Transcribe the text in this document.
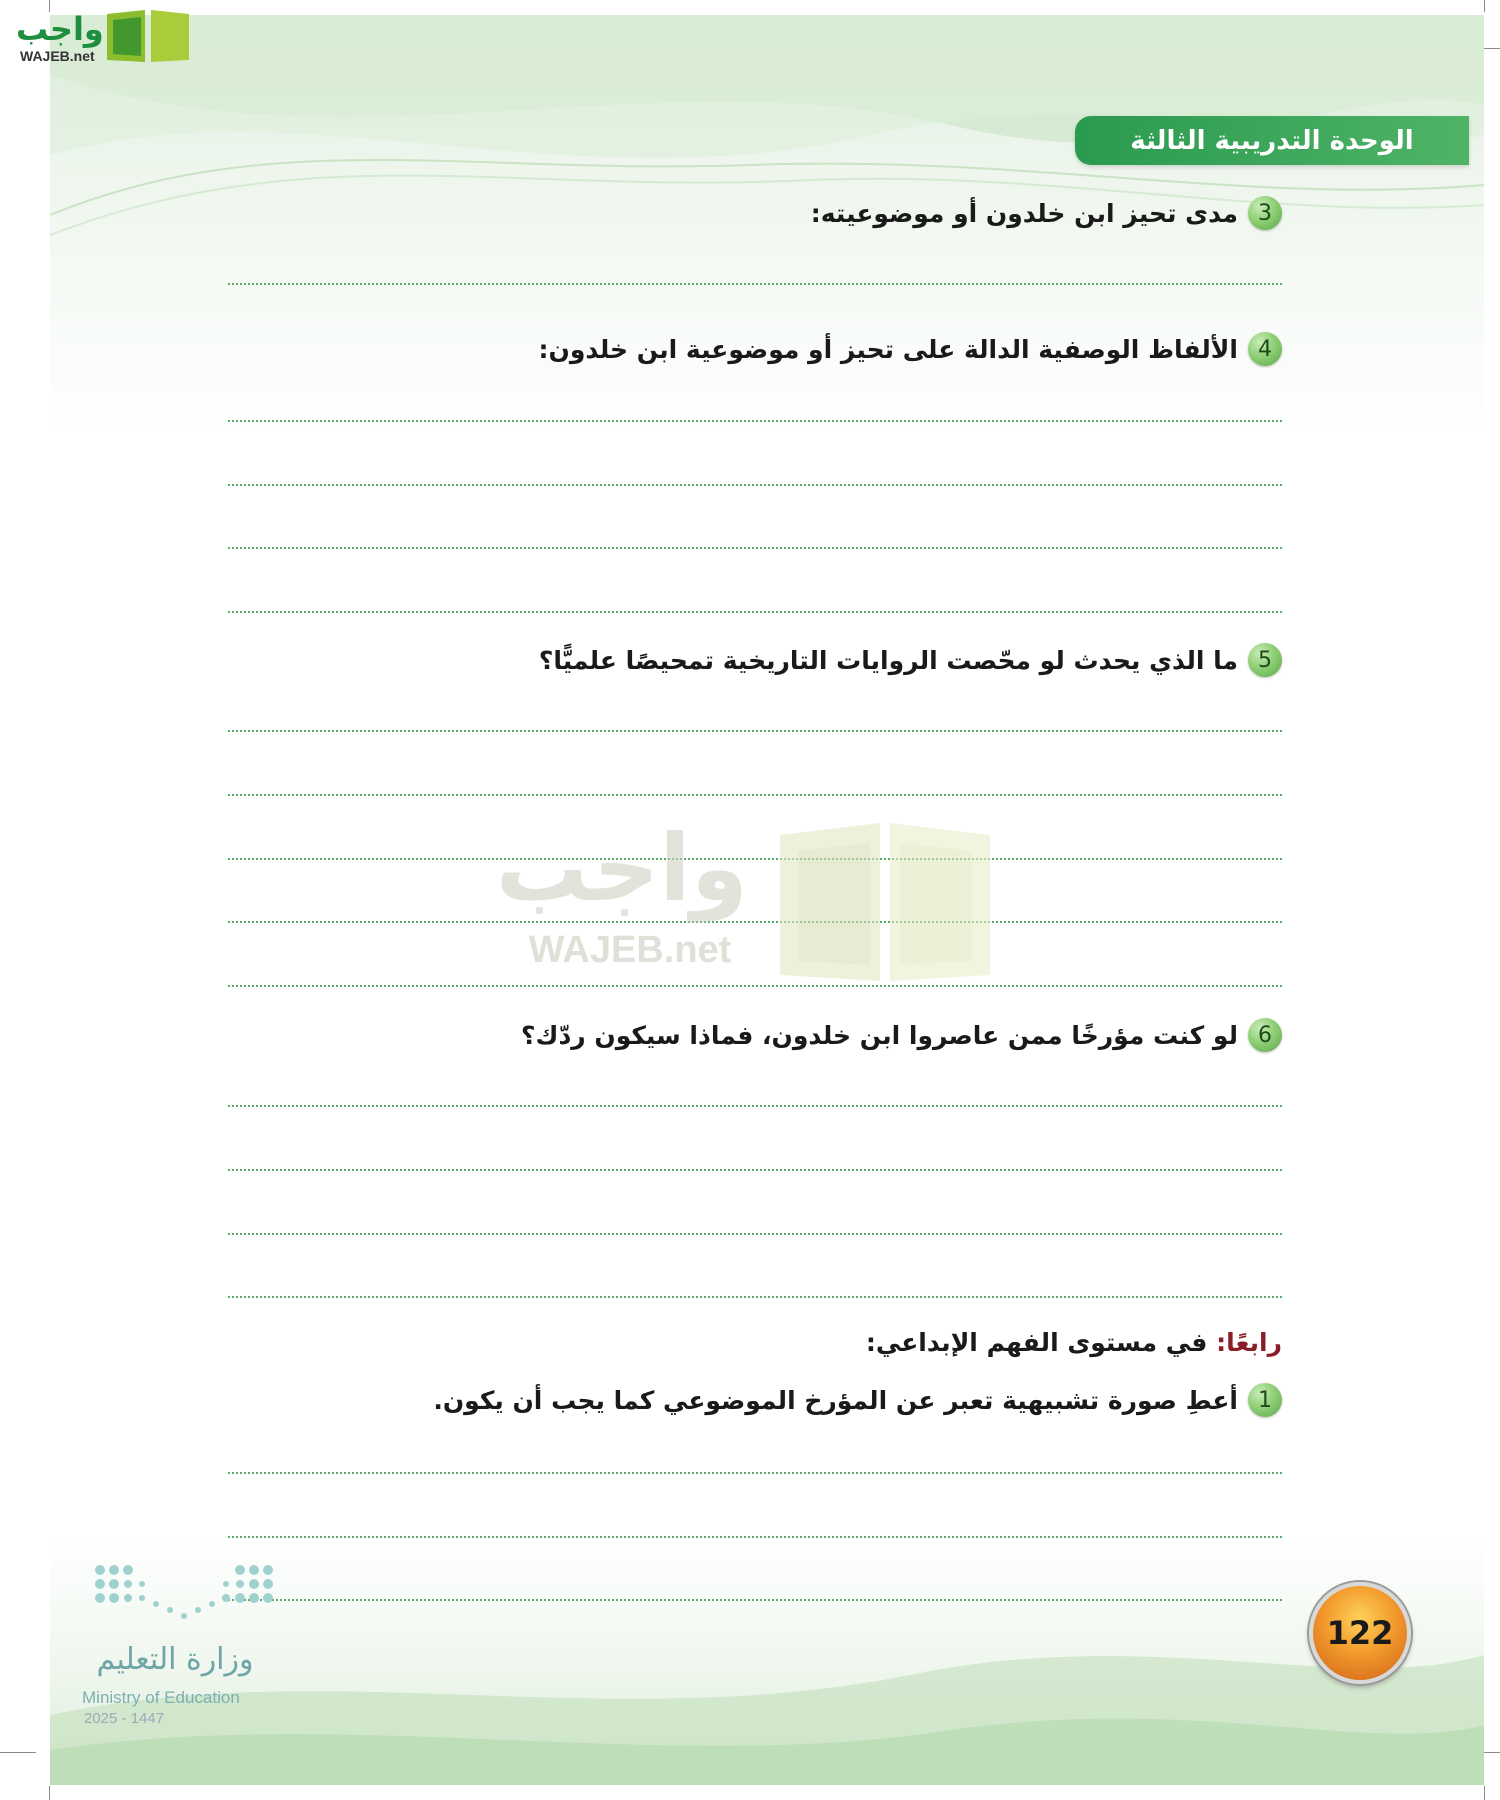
الوحدة التدريبية الثالثة
واجب
WAJEB.net
3
مدى تحيز ابن خلدون أو موضوعيته:
4
الألفاظ الوصفية الدالة على تحيز أو موضوعية ابن خلدون:
5
ما الذي يحدث لو محّصت الروايات التاريخية تمحيصًا علميًّا؟
واجب
WAJEB.net
6
لو كنت مؤرخًا ممن عاصروا ابن خلدون، فماذا سيكون ردّك؟
رابعًا: في مستوى الفهم الإبداعي:
1
أعطِ صورة تشبيهية تعبر عن المؤرخ الموضوعي كما يجب أن يكون.
وزارة التعليم
Ministry of Education
2025 - 1447
122
